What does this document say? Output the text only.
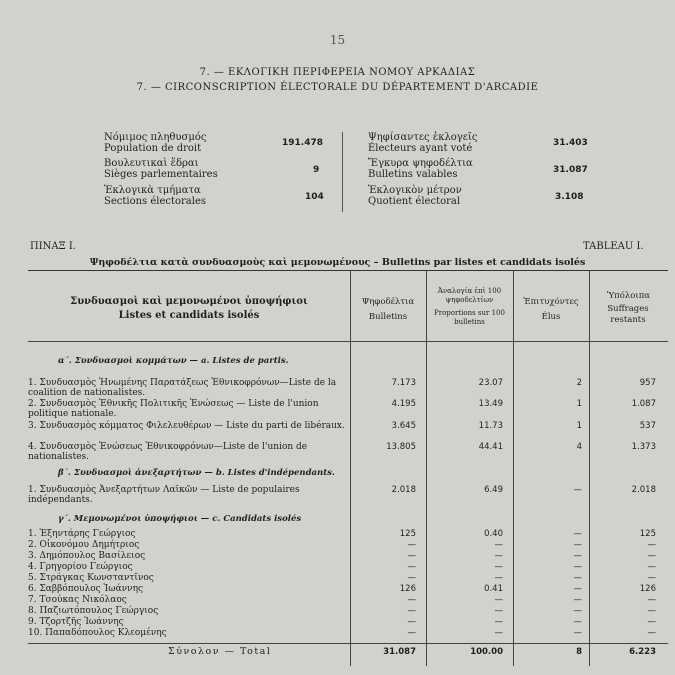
15
7. — ΕΚΛΟΓΙΚΗ ΠΕΡΙΦΕΡΕΙΑ ΝΟΜΟΥ ΑΡΚΑΔΙΑΣ
7. — CIRCONSCRIPTION ÉLECTORALE DU DÉPARTEMENT D'ARCADIE
Νόμιμος πληθυσμός
Population de droit	191.478
Βουλευτικαὶ ἕδραι
Sièges parlementaires	9
Ἐκλογικὰ τμήματα
Sections électorales	104
Ψηφίσαντες ἐκλογεῖς
Électeurs ayant voté	31.403
Ἔγκυρα ψηφοδέλτια
Bulletins valables	31.087
Ἐκλογικὸν μέτρον
Quotient électoral	3.108
ΠΙΝΑΞ Ι.	TABLEAU I.
Ψηφοδέλτια κατὰ συνδυασμοὺς καὶ μεμονωμένους – Bulletins par listes et candidats isolés
Συνδυασμοὶ καὶ μεμονωμένοι ὑποψήφιοι
Listes et candidats isolés
Ψηφοδέλτια
Bulletins
Ἀναλογία ἐπὶ 100 ψηφοδελτίων
Proportions sur 100 bulletins
Ἐπιτυχόντες
Élus
Ὑπόλοιπα
Suffrages restants
α΄. Συνδυασμοὶ κομμάτων — a. Listes de partis.
1. Συνδυασμὸς Ἡνωμένης Παρατάξεως Ἐθνικοφρόνων—Liste de la coalition de nationalistes.
7.173	23.07	2	957
2. Συνδυασμὸς Ἐθνικῆς Πολιτικῆς Ἑνώσεως — Liste de l'union politique nationale.
4.195	13.49	1	1.087
3. Συνδυασμὸς κόμματος Φιλελευθέρων — Liste du parti de libéraux.	3.645	11.73	1	537
4. Συνδυασμὸς Ἑνώσεως Ἐθνικοφρόνων—Liste de l'union de nationalistes.
13.805	44.41	4	1.373
β΄. Συνδυασμοὶ ἀνεξαρτήτων — b. Listes d'indépendants.
1. Συνδυασμὸς Ἀνεξαρτήτων Λαϊκῶν — Liste de populaires indépendants.
2.018	6.49	—	2.018
γ΄. Μεμονωμένοι ὑποψήφιοι — c. Candidats isolés
1. Ἐξηντάρης Γεώργιος	125	0.40	—	125
2. Οἰκονόμου Δημήτριος	—	—	—	—
3. Δημόπουλος Βασίλειος	—	—	—	—
4. Γρηγορίου Γεώργιος	—	—	—	—
5. Στράγκας Κωνσταντῖνος	—	—	—	—
6. Σαββόπουλος Ἰωάννης	126	0.41	—	126
7. Τσούκας Νικόλαος	—	—	—	—
8. Παζιωτόπουλος Γεώργιος	—	—	—	—
9. Τζορτζῆς Ἰωάννης	—	—	—	—
10. Παπαδόπουλος Κλεομένης	—	—	—	—
Σύνολον — Total	31.087	100.00	8	6.223
